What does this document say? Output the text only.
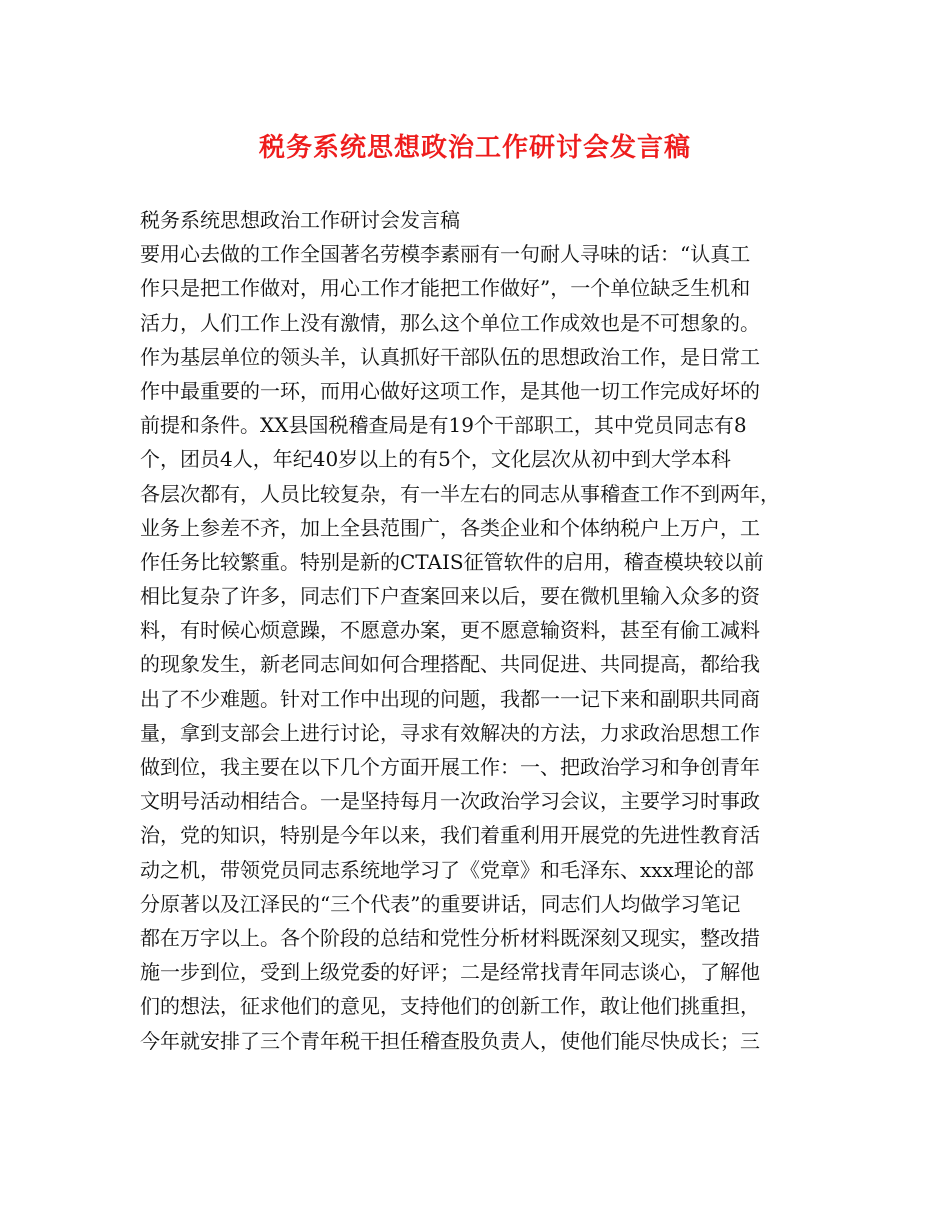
税务系统思想政治工作研讨会发言稿
税务系统思想政治工作研讨会发言稿
要用心去做的工作全国著名劳模李素丽有一句耐人寻味的话：“认真工
作只是把工作做对，用心工作才能把工作做好”，一个单位缺乏生机和
活力，人们工作上没有激情，那么这个单位工作成效也是不可想象的。
作为基层单位的领头羊，认真抓好干部队伍的思想政治工作，是日常工
作中最重要的一环，而用心做好这项工作，是其他一切工作完成好坏的
前提和条件。XX县国税稽查局是有19个干部职工，其中党员同志有8
个，团员4人，年纪40岁以上的有5个，文化层次从初中到大学本科
各层次都有，人员比较复杂，有一半左右的同志从事稽查工作不到两年，
业务上参差不齐，加上全县范围广，各类企业和个体纳税户上万户，工
作任务比较繁重。特别是新的CTAIS征管软件的启用，稽查模块较以前
相比复杂了许多，同志们下户查案回来以后，要在微机里输入众多的资
料，有时候心烦意躁，不愿意办案，更不愿意输资料，甚至有偷工减料
的现象发生，新老同志间如何合理搭配、共同促进、共同提高，都给我
出了不少难题。针对工作中出现的问题，我都一一记下来和副职共同商
量，拿到支部会上进行讨论，寻求有效解决的方法，力求政治思想工作
做到位，我主要在以下几个方面开展工作：一、把政治学习和争创青年
文明号活动相结合。一是坚持每月一次政治学习会议，主要学习时事政
治，党的知识，特别是今年以来，我们着重利用开展党的先进性教育活
动之机，带领党员同志系统地学习了《党章》和毛泽东、xxx理论的部
分原著以及江泽民的“三个代表”的重要讲话，同志们人均做学习笔记
都在万字以上。各个阶段的总结和党性分析材料既深刻又现实，整改措
施一步到位，受到上级党委的好评；二是经常找青年同志谈心，了解他
们的想法，征求他们的意见，支持他们的创新工作，敢让他们挑重担，
今年就安排了三个青年税干担任稽查股负责人，使他们能尽快成长；三
